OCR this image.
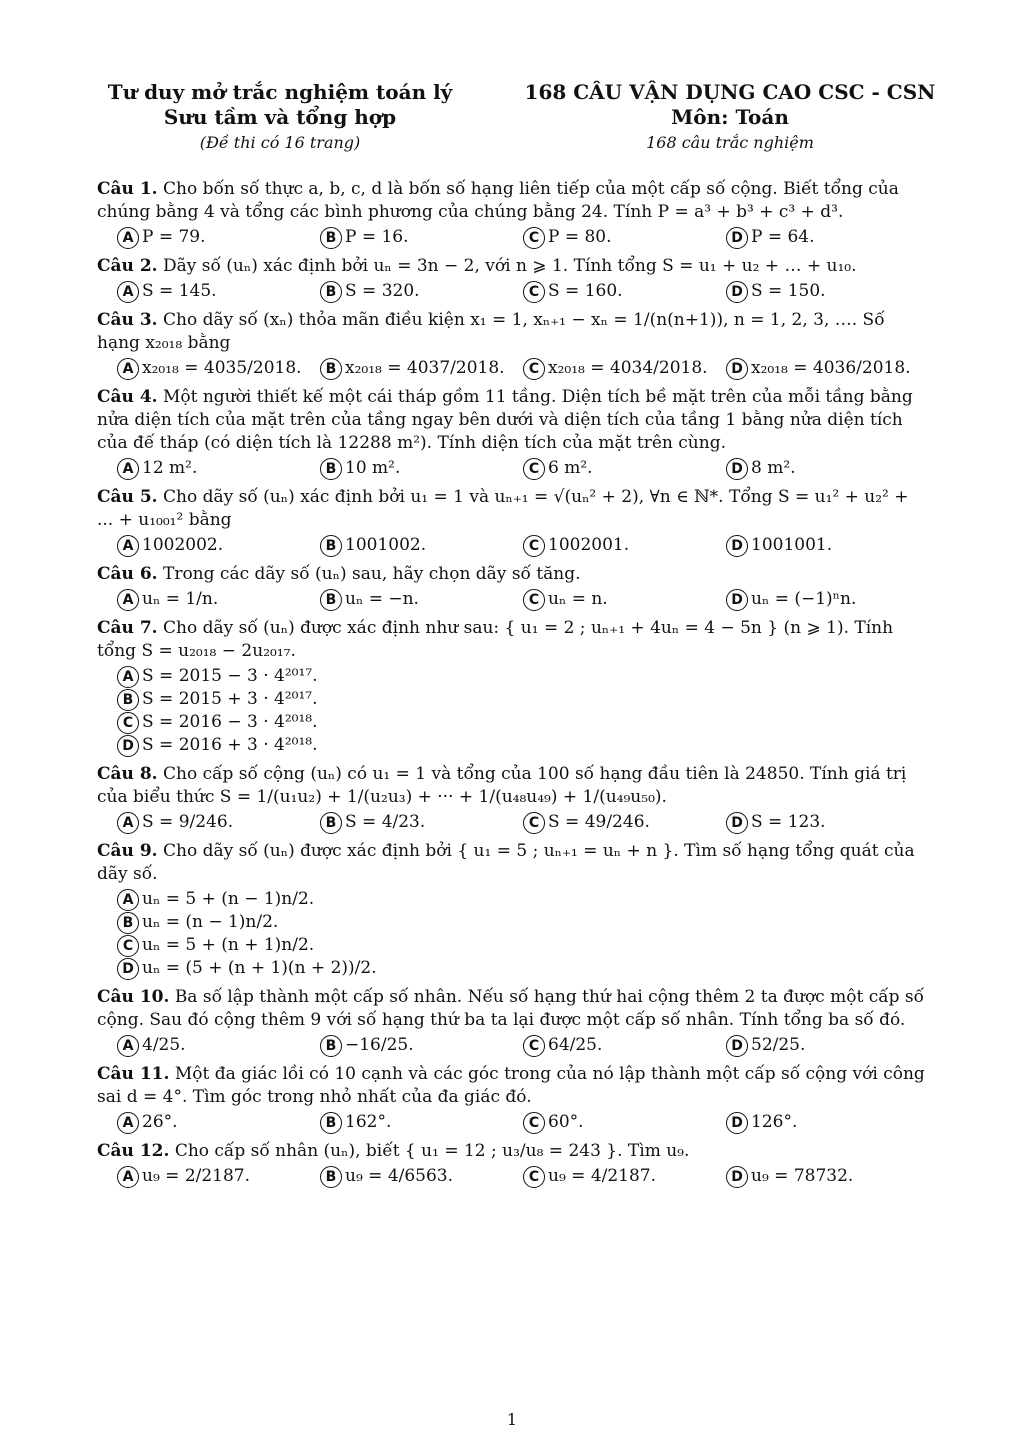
Tư duy mở trắc nghiệm toán lý
Sưu tầm và tổng hợp
(Đề thi có 16 trang)
168 CÂU VẬN DỤNG CAO CSC - CSN
Môn: Toán
168 câu trắc nghiệm
Câu 1. Cho bốn số thực a, b, c, d là bốn số hạng liên tiếp của một cấp số cộng. Biết tổng của chúng bằng 4 và tổng các bình phương của chúng bằng 24. Tính P = a³ + b³ + c³ + d³.
A P = 79.	B P = 16.	C P = 80.	D P = 64.
Câu 2. Dãy số (uₙ) xác định bởi uₙ = 3n − 2, với n ⩾ 1. Tính tổng S = u₁ + u₂ + … + u₁₀.
A S = 145.	B S = 320.	C S = 160.	D S = 150.
Câu 3. Cho dãy số (xₙ) thỏa mãn điều kiện x₁ = 1, xₙ₊₁ − xₙ = 1/(n(n+1)), n = 1, 2, 3, …. Số hạng x₂₀₁₈ bằng
A x₂₀₁₈ = 4035/2018.	B x₂₀₁₈ = 4037/2018.	C x₂₀₁₈ = 4034/2018.	D x₂₀₁₈ = 4036/2018.
Câu 4. Một người thiết kế một cái tháp gồm 11 tầng. Diện tích bề mặt trên của mỗi tầng bằng nửa diện tích của mặt trên của tầng ngay bên dưới và diện tích của tầng 1 bằng nửa diện tích của đế tháp (có diện tích là 12288 m²). Tính diện tích của mặt trên cùng.
A 12 m².	B 10 m².	C 6 m².	D 8 m².
Câu 5. Cho dãy số (uₙ) xác định bởi u₁ = 1 và uₙ₊₁ = √(uₙ² + 2), ∀n ∈ ℕ*. Tổng S = u₁² + u₂² + ... + u₁₀₀₁² bằng
A 1002002.	B 1001002.	C 1002001.	D 1001001.
Câu 6. Trong các dãy số (uₙ) sau, hãy chọn dãy số tăng.
A uₙ = 1/n.	B uₙ = −n.	C uₙ = n.	D uₙ = (−1)ⁿn.
Câu 7. Cho dãy số (uₙ) được xác định như sau: { u₁ = 2 ; uₙ₊₁ + 4uₙ = 4 − 5n } (n ⩾ 1). Tính tổng S = u₂₀₁₈ − 2u₂₀₁₇.
A S = 2015 − 3 · 4²⁰¹⁷.
B S = 2015 + 3 · 4²⁰¹⁷.
C S = 2016 − 3 · 4²⁰¹⁸.
D S = 2016 + 3 · 4²⁰¹⁸.
Câu 8. Cho cấp số cộng (uₙ) có u₁ = 1 và tổng của 100 số hạng đầu tiên là 24850. Tính giá trị của biểu thức S = 1/(u₁u₂) + 1/(u₂u₃) + ··· + 1/(u₄₈u₄₉) + 1/(u₄₉u₅₀).
A S = 9/246.	B S = 4/23.	C S = 49/246.	D S = 123.
Câu 9. Cho dãy số (uₙ) được xác định bởi { u₁ = 5 ; uₙ₊₁ = uₙ + n }. Tìm số hạng tổng quát của dãy số.
A uₙ = 5 + (n − 1)n/2.
B uₙ = (n − 1)n/2.
C uₙ = 5 + (n + 1)n/2.
D uₙ = (5 + (n + 1)(n + 2))/2.
Câu 10. Ba số lập thành một cấp số nhân. Nếu số hạng thứ hai cộng thêm 2 ta được một cấp số cộng. Sau đó cộng thêm 9 với số hạng thứ ba ta lại được một cấp số nhân. Tính tổng ba số đó.
A 4/25.	B −16/25.	C 64/25.	D 52/25.
Câu 11. Một đa giác lồi có 10 cạnh và các góc trong của nó lập thành một cấp số cộng với công sai d = 4°. Tìm góc trong nhỏ nhất của đa giác đó.
A 26°.	B 162°.	C 60°.	D 126°.
Câu 12. Cho cấp số nhân (uₙ), biết { u₁ = 12 ; u₃/u₈ = 243 }. Tìm u₉.
A u₉ = 2/2187.	B u₉ = 4/6563.	C u₉ = 4/2187.	D u₉ = 78732.
1
